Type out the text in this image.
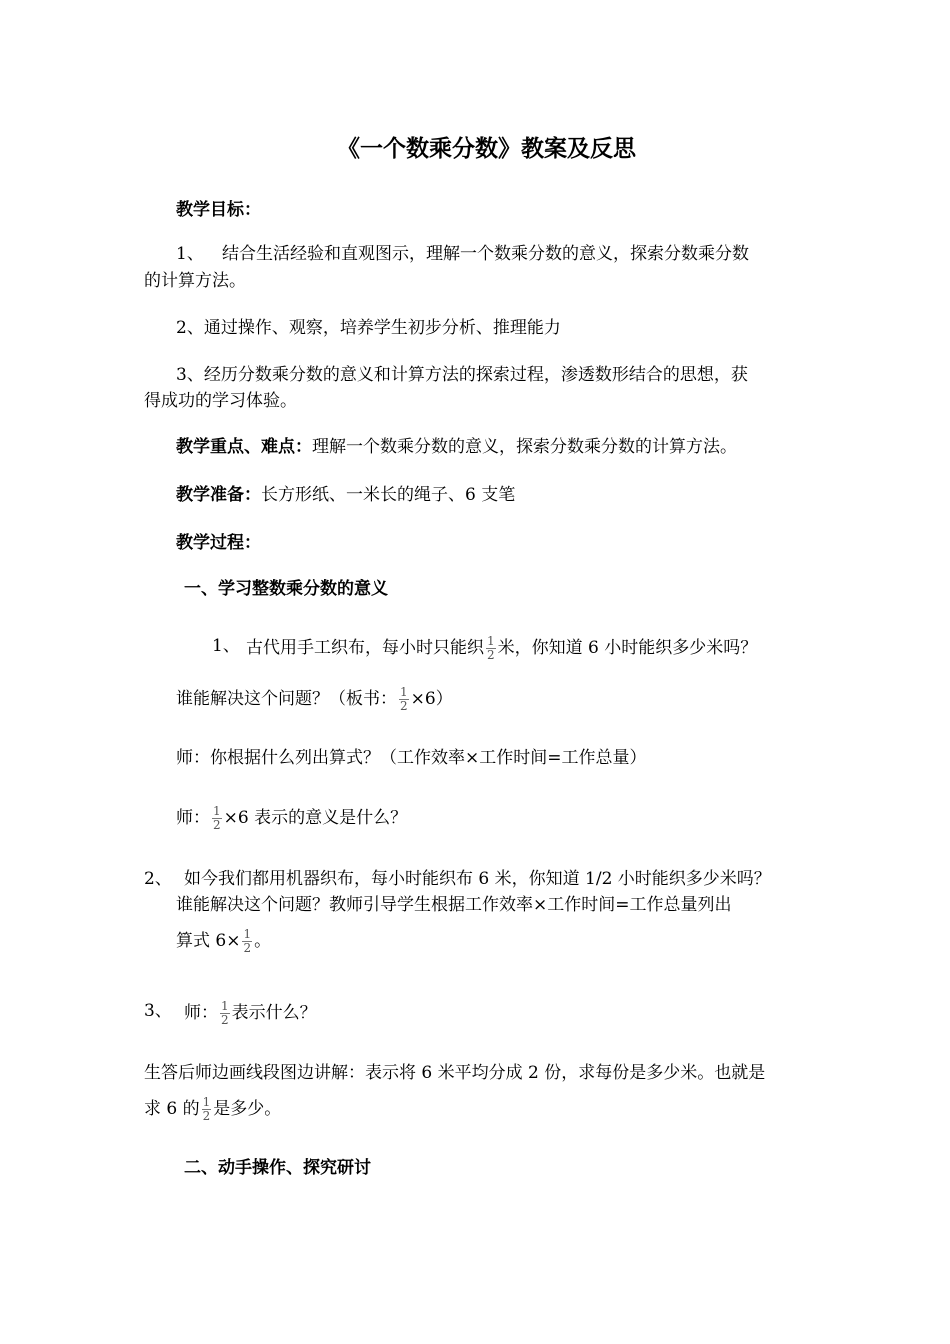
《一个数乘分数》教案及反思
教学目标：
1、 结合生活经验和直观图示，理解一个数乘分数的意义，探索分数乘分数
的计算方法。
2、通过操作、观察，培养学生初步分析、推理能力
3、经历分数乘分数的意义和计算方法的探索过程，渗透数形结合的思想，获
得成功的学习体验。
教学重点、难点：理解一个数乘分数的意义，探索分数乘分数的计算方法。
教学准备：长方形纸、一米长的绳子、6 支笔
教学过程：
一、学习整数乘分数的意义
1、 古代用手工织布，每小时只能织 $\frac{1}{2}$ 米，你知道 6 小时能织多少米吗？
谁能解决这个问题？（板书： $\frac{1}{2} \times 6$）
师：你根据什么列出算式？（工作效率×工作时间=工作总量）
师： $\frac{1}{2} \times 6$ 表示的意义是什么？
2、 如今我们都用机器织布，每小时能织布 6 米，你知道 1/2 小时能织多少米吗？
谁能解决这个问题？教师引导学生根据工作效率×工作时间=工作总量列出
算式 $6\times \frac{1}{2}$ 。
3、 师： $\frac{1}{2}$ 表示什么？
生答后师边画线段图边讲解：表示将 6 米平均分成 2 份，求每份是多少米。也就是
求 6 的 $\frac{1}{2}$ 是多少。
二、动手操作、探究研讨
